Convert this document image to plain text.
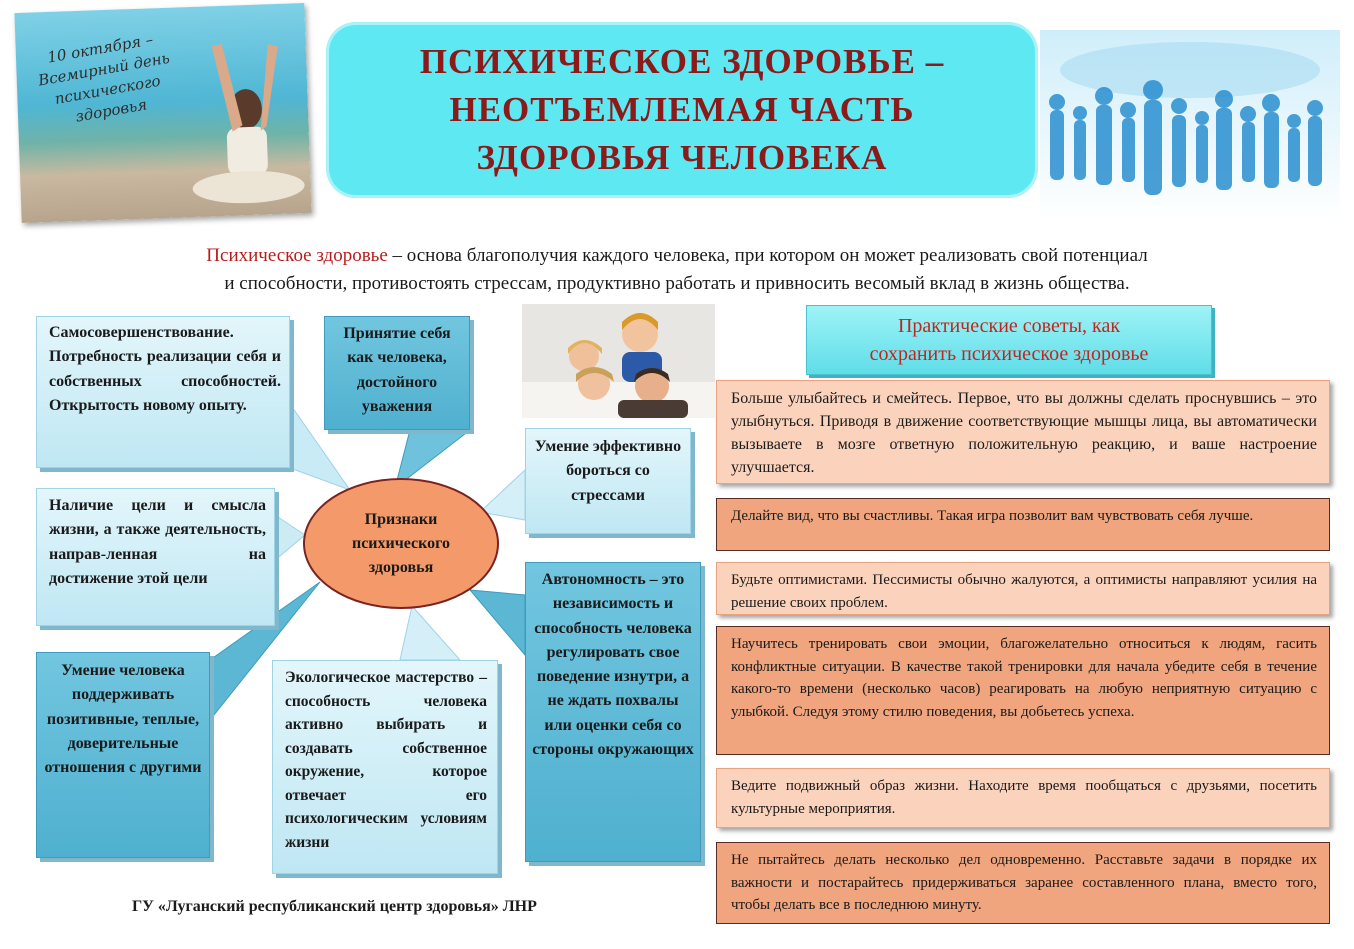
10 октября – Всемирный день психического здоровья
ПСИХИЧЕСКОЕ ЗДОРОВЬЕ –
НЕОТЪЕМЛЕМАЯ ЧАСТЬ
ЗДОРОВЬЯ ЧЕЛОВЕКА
Психическое здоровье – основа благополучия каждого человека, при котором он может реализовать свой потенциал
и способности, противостоять стрессам, продуктивно работать и привносить весомый вклад в жизнь общества.
Самосовершенствование. Потребность реализации себя и собственных способностей. Открытость новому опыту.
Принятие себя как человека, достойного уважения
Умение эффективно бороться со стрессами
Наличие цели и смысла жизни, а также деятельность, направ-ленная на достижение этой цели
Признаки психического здоровья
Автономность – это независимость и способность человека регулировать свое поведение изнутри, а не ждать похвалы или оценки себя со стороны окружающих
Умение человека поддерживать позитивные, теплые, доверительные отношения с другими
Экологическое мастерство – способность человека активно выбирать и создавать собственное окружение, которое отвечает его психологическим условиям жизни
Практические советы, как
сохранить психическое здоровье
Больше улыбайтесь и смейтесь. Первое, что вы должны сделать проснувшись – это улыбнуться. Приводя в движение соответствующие мышцы лица, вы автоматически вызываете в мозге ответную положительную реакцию, и ваше настроение улучшается.
Делайте вид, что вы счастливы. Такая игра позволит вам чувствовать себя лучше.
Будьте оптимистами. Пессимисты обычно жалуются, а оптимисты направляют усилия на решение своих проблем.
Научитесь тренировать свои эмоции, благожелательно относиться к людям, гасить конфликтные ситуации. В качестве такой тренировки для начала убедите себя в течение какого-то времени (несколько часов) реагировать на любую неприятную ситуацию с улыбкой. Следуя этому стилю поведения, вы добьетесь успеха.
Ведите подвижный образ жизни. Находите время пообщаться с друзьями, посетить культурные мероприятия.
Не пытайтесь делать несколько дел одновременно. Расставьте задачи в порядке их важности и постарайтесь придерживаться заранее составленного плана, вместо того, чтобы делать все в последнюю минуту.
ГУ «Луганский республиканский центр здоровья» ЛНР
